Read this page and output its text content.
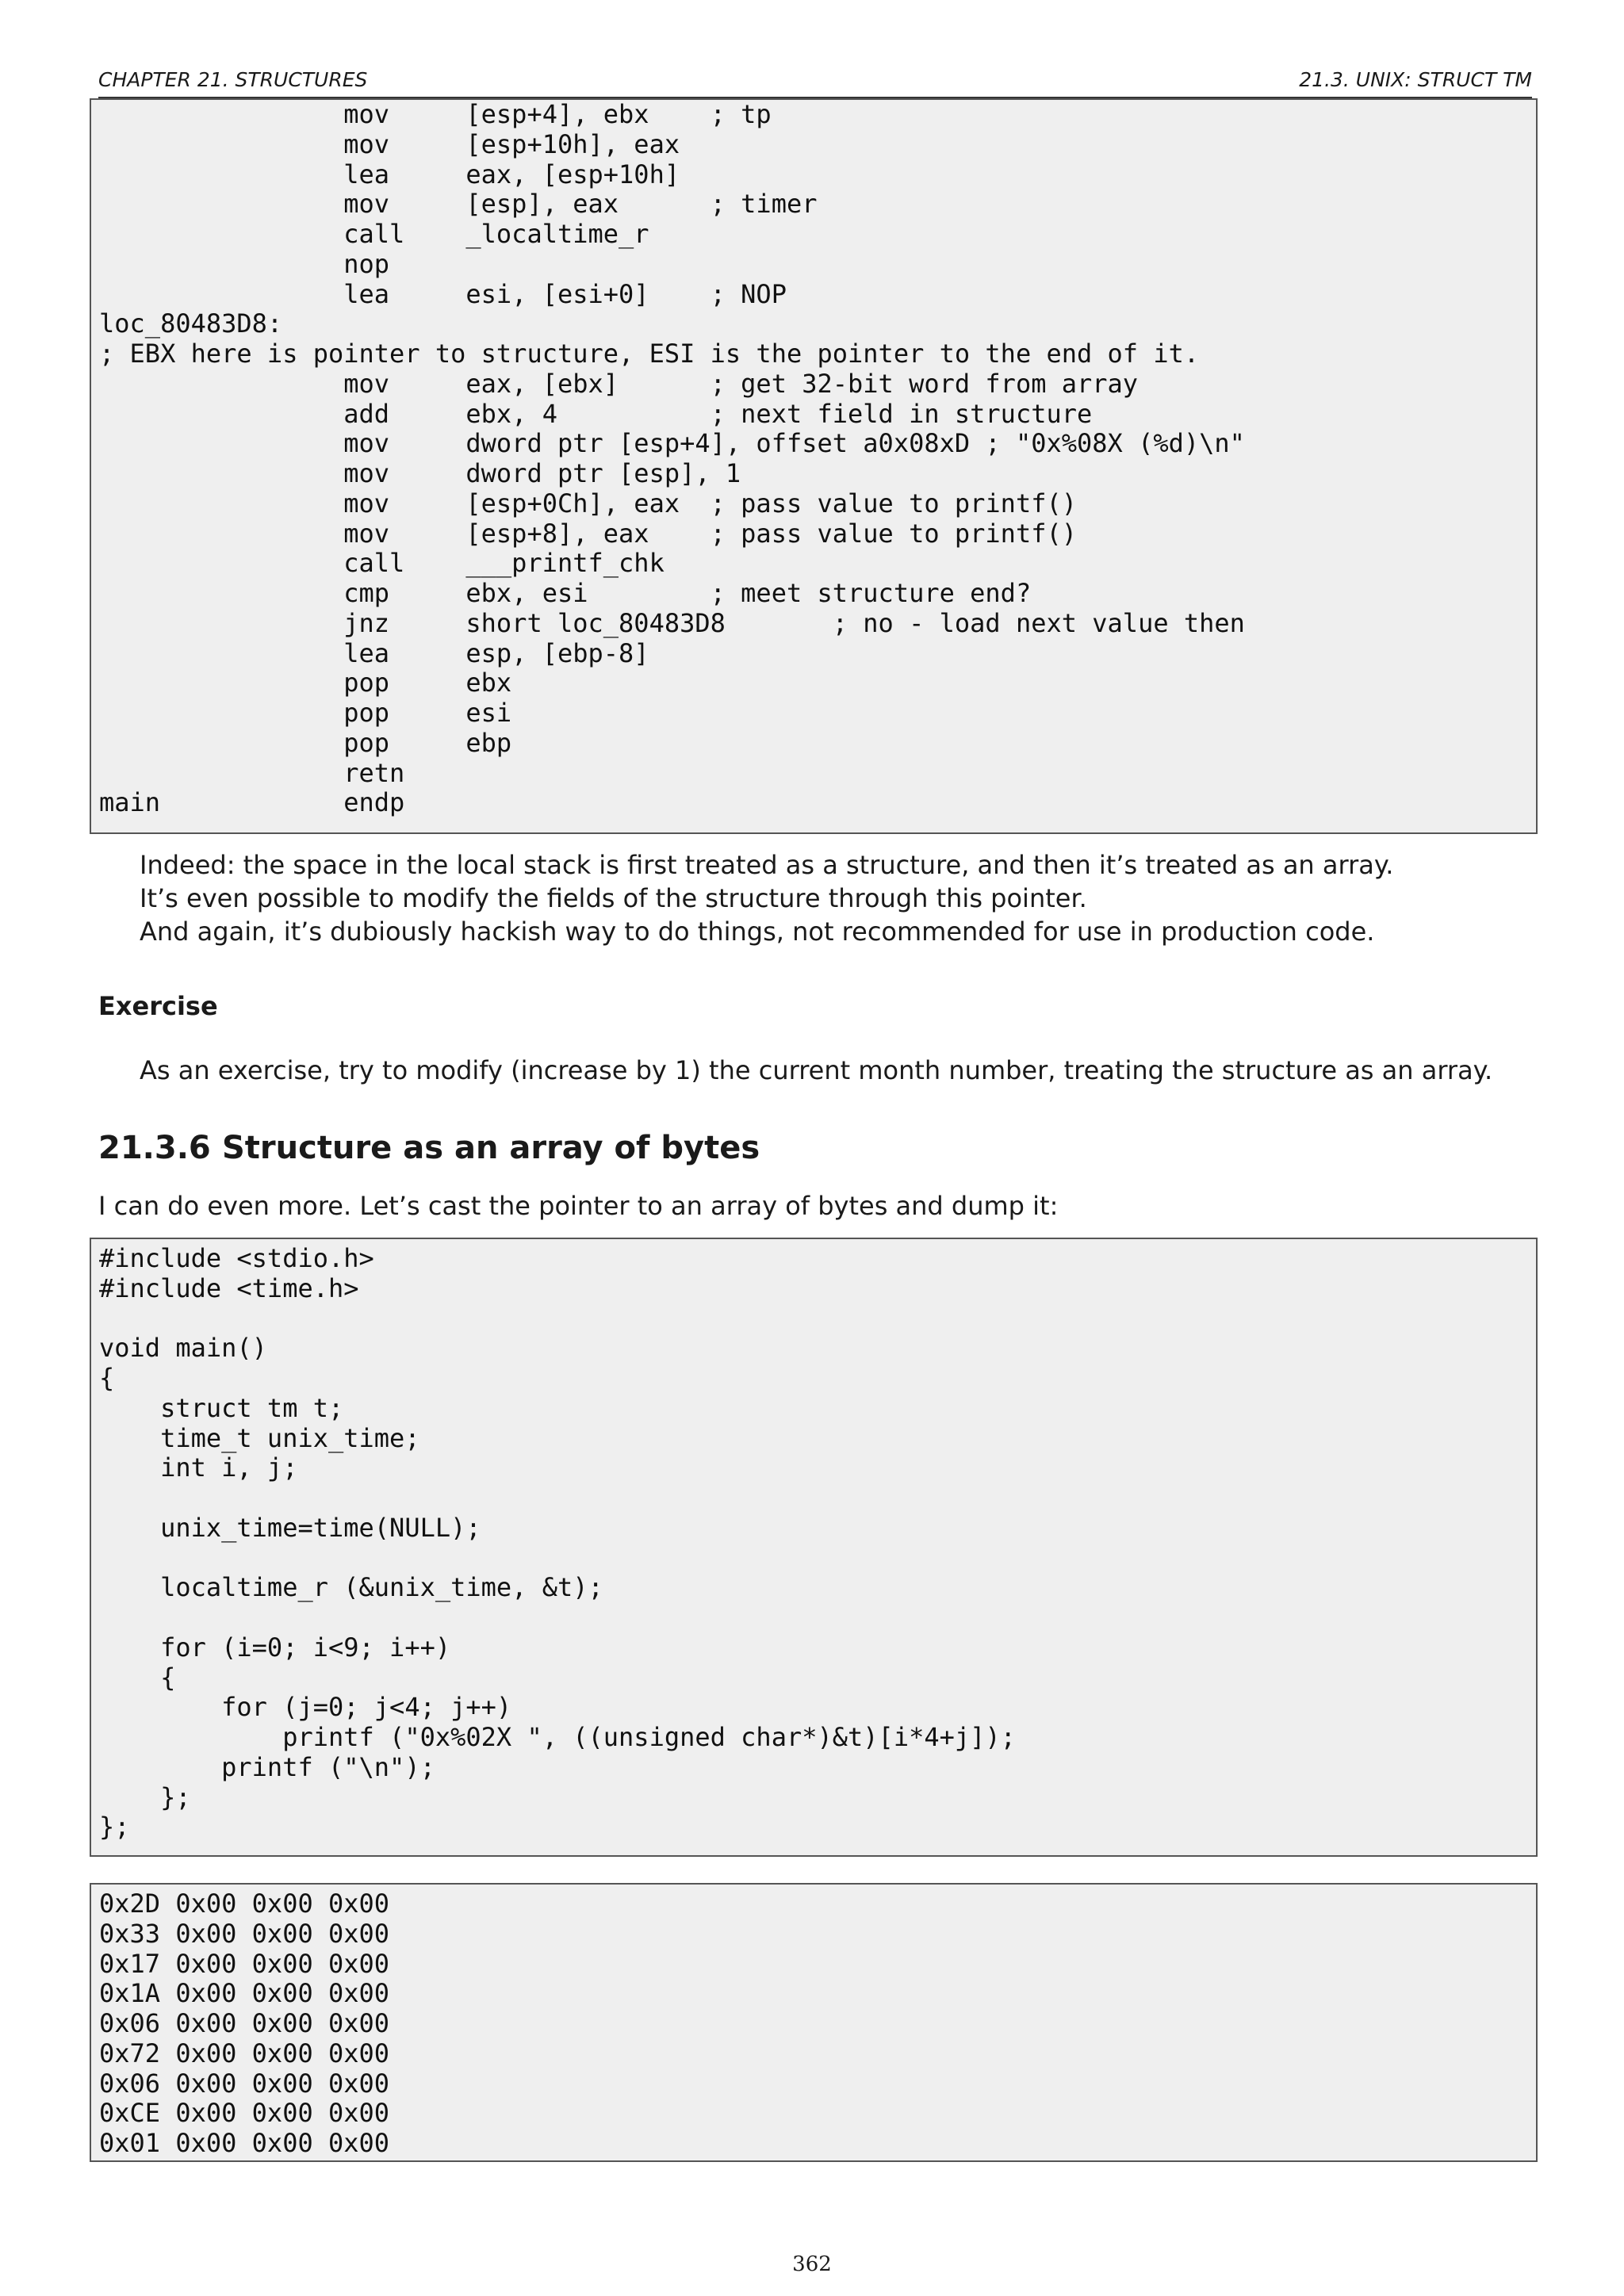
CHAPTER 21. STRUCTURES	21.3. UNIX: STRUCT TM
mov     [esp+4], ebx    ; tp
mov     [esp+10h], eax
lea     eax, [esp+10h]
mov     [esp], eax      ; timer
call    _localtime_r
nop
lea     esi, [esi+0]    ; NOP
loc_80483D8:
; EBX here is pointer to structure, ESI is the pointer to the end of it.
mov     eax, [ebx]      ; get 32-bit word from array
add     ebx, 4          ; next field in structure
mov     dword ptr [esp+4], offset a0x08xD ; "0x%08X (%d)\n"
mov     dword ptr [esp], 1
mov     [esp+0Ch], eax  ; pass value to printf()
mov     [esp+8], eax    ; pass value to printf()
call    ___printf_chk
cmp     ebx, esi        ; meet structure end?
jnz     short loc_80483D8       ; no - load next value then
lea     esp, [ebp-8]
pop     ebx
pop     esi
pop     ebp
retn
main            endp
Indeed: the space in the local stack is first treated as a structure, and then it’s treated as an array.
It’s even possible to modify the fields of the structure through this pointer.
And again, it’s dubiously hackish way to do things, not recommended for use in production code.
Exercise
As an exercise, try to modify (increase by 1) the current month number, treating the structure as an array.
21.3.6 Structure as an array of bytes
I can do even more. Let’s cast the pointer to an array of bytes and dump it:
#include <stdio.h>
#include <time.h>
void main()
{
struct tm t;
time_t unix_time;
int i, j;
unix_time=time(NULL);
localtime_r (&unix_time, &t);
for (i=0; i<9; i++)
{
for (j=0; j<4; j++)
printf ("0x%02X ", ((unsigned char*)&t)[i*4+j]);
printf ("\n");
};
};
0x2D 0x00 0x00 0x00
0x33 0x00 0x00 0x00
0x17 0x00 0x00 0x00
0x1A 0x00 0x00 0x00
0x06 0x00 0x00 0x00
0x72 0x00 0x00 0x00
0x06 0x00 0x00 0x00
0xCE 0x00 0x00 0x00
0x01 0x00 0x00 0x00
362
